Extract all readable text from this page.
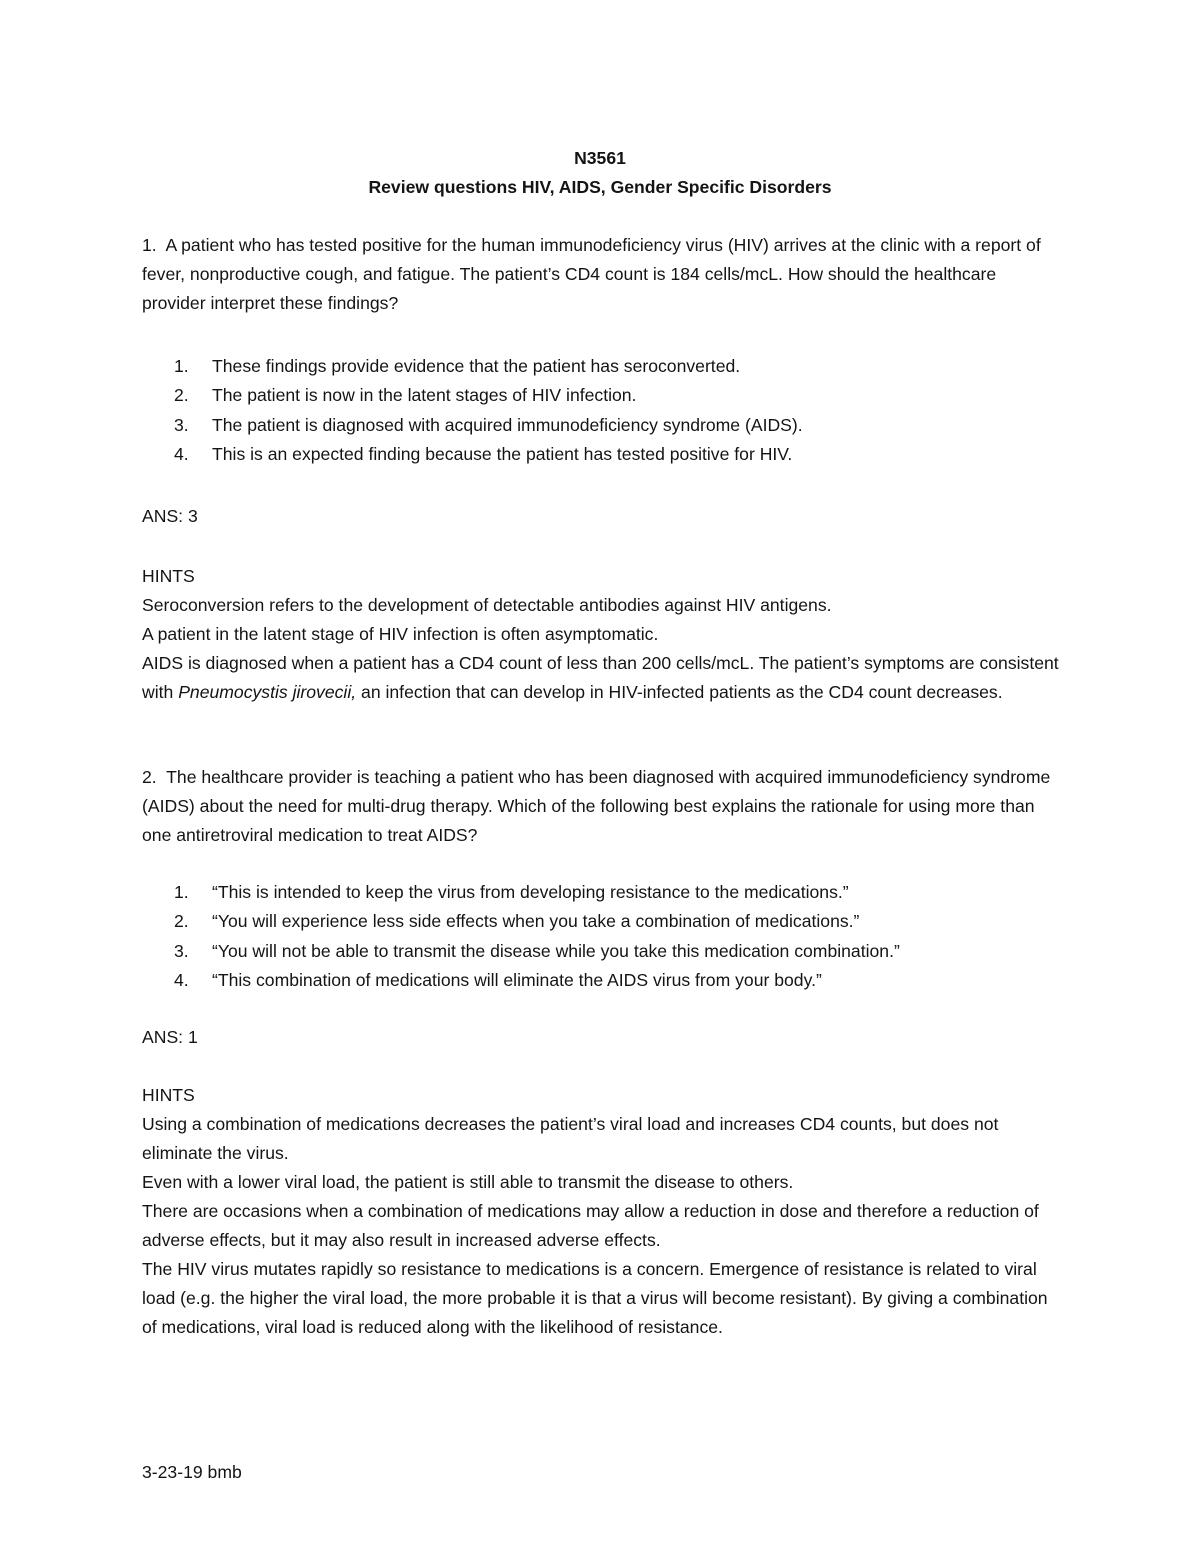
N3561
Review questions HIV, AIDS, Gender Specific Disorders

1. A patient who has tested positive for the human immunodeficiency virus (HIV) arrives at the clinic with a report of fever, nonproductive cough, and fatigue. The patient’s CD4 count is 184 cells/mcL. How should the healthcare provider interpret these findings?

1. These findings provide evidence that the patient has seroconverted.
2. The patient is now in the latent stages of HIV infection.
3. The patient is diagnosed with acquired immunodeficiency syndrome (AIDS).
4. This is an expected finding because the patient has tested positive for HIV.
ANS: 3

HINTS

Seroconversion refers to the development of detectable antibodies against HIV antigens.

A patient in the latent stage of HIV infection is often asymptomatic.

AIDS is diagnosed when a patient has a CD4 count of less than 200 cells/mcL. The patient’s symptoms are consistent with Pneumocystis jirovecii, an infection that can develop in HIV-infected patients as the CD4 count decreases.

2. The healthcare provider is teaching a patient who has been diagnosed with acquired immunodeficiency syndrome (AIDS) about the need for multi-drug therapy. Which of the following best explains the rationale for using more than one antiretroviral medication to treat AIDS?

1. “This is intended to keep the virus from developing resistance to the medications.”
2. “You will experience less side effects when you take a combination of medications.”
3. “You will not be able to transmit the disease while you take this medication combination.”
4. “This combination of medications will eliminate the AIDS virus from your body.”
ANS: 1

HINTS

Using a combination of medications decreases the patient’s viral load and increases CD4 counts, but does not eliminate the virus.

Even with a lower viral load, the patient is still able to transmit the disease to others.

There are occasions when a combination of medications may allow a reduction in dose and therefore a reduction of adverse effects, but it may also result in increased adverse effects.

The HIV virus mutates rapidly so resistance to medications is a concern. Emergence of resistance is related to viral load (e.g. the higher the viral load, the more probable it is that a virus will become resistant). By giving a combination of medications, viral load is reduced along with the likelihood of resistance.

3-23-19 bmb
